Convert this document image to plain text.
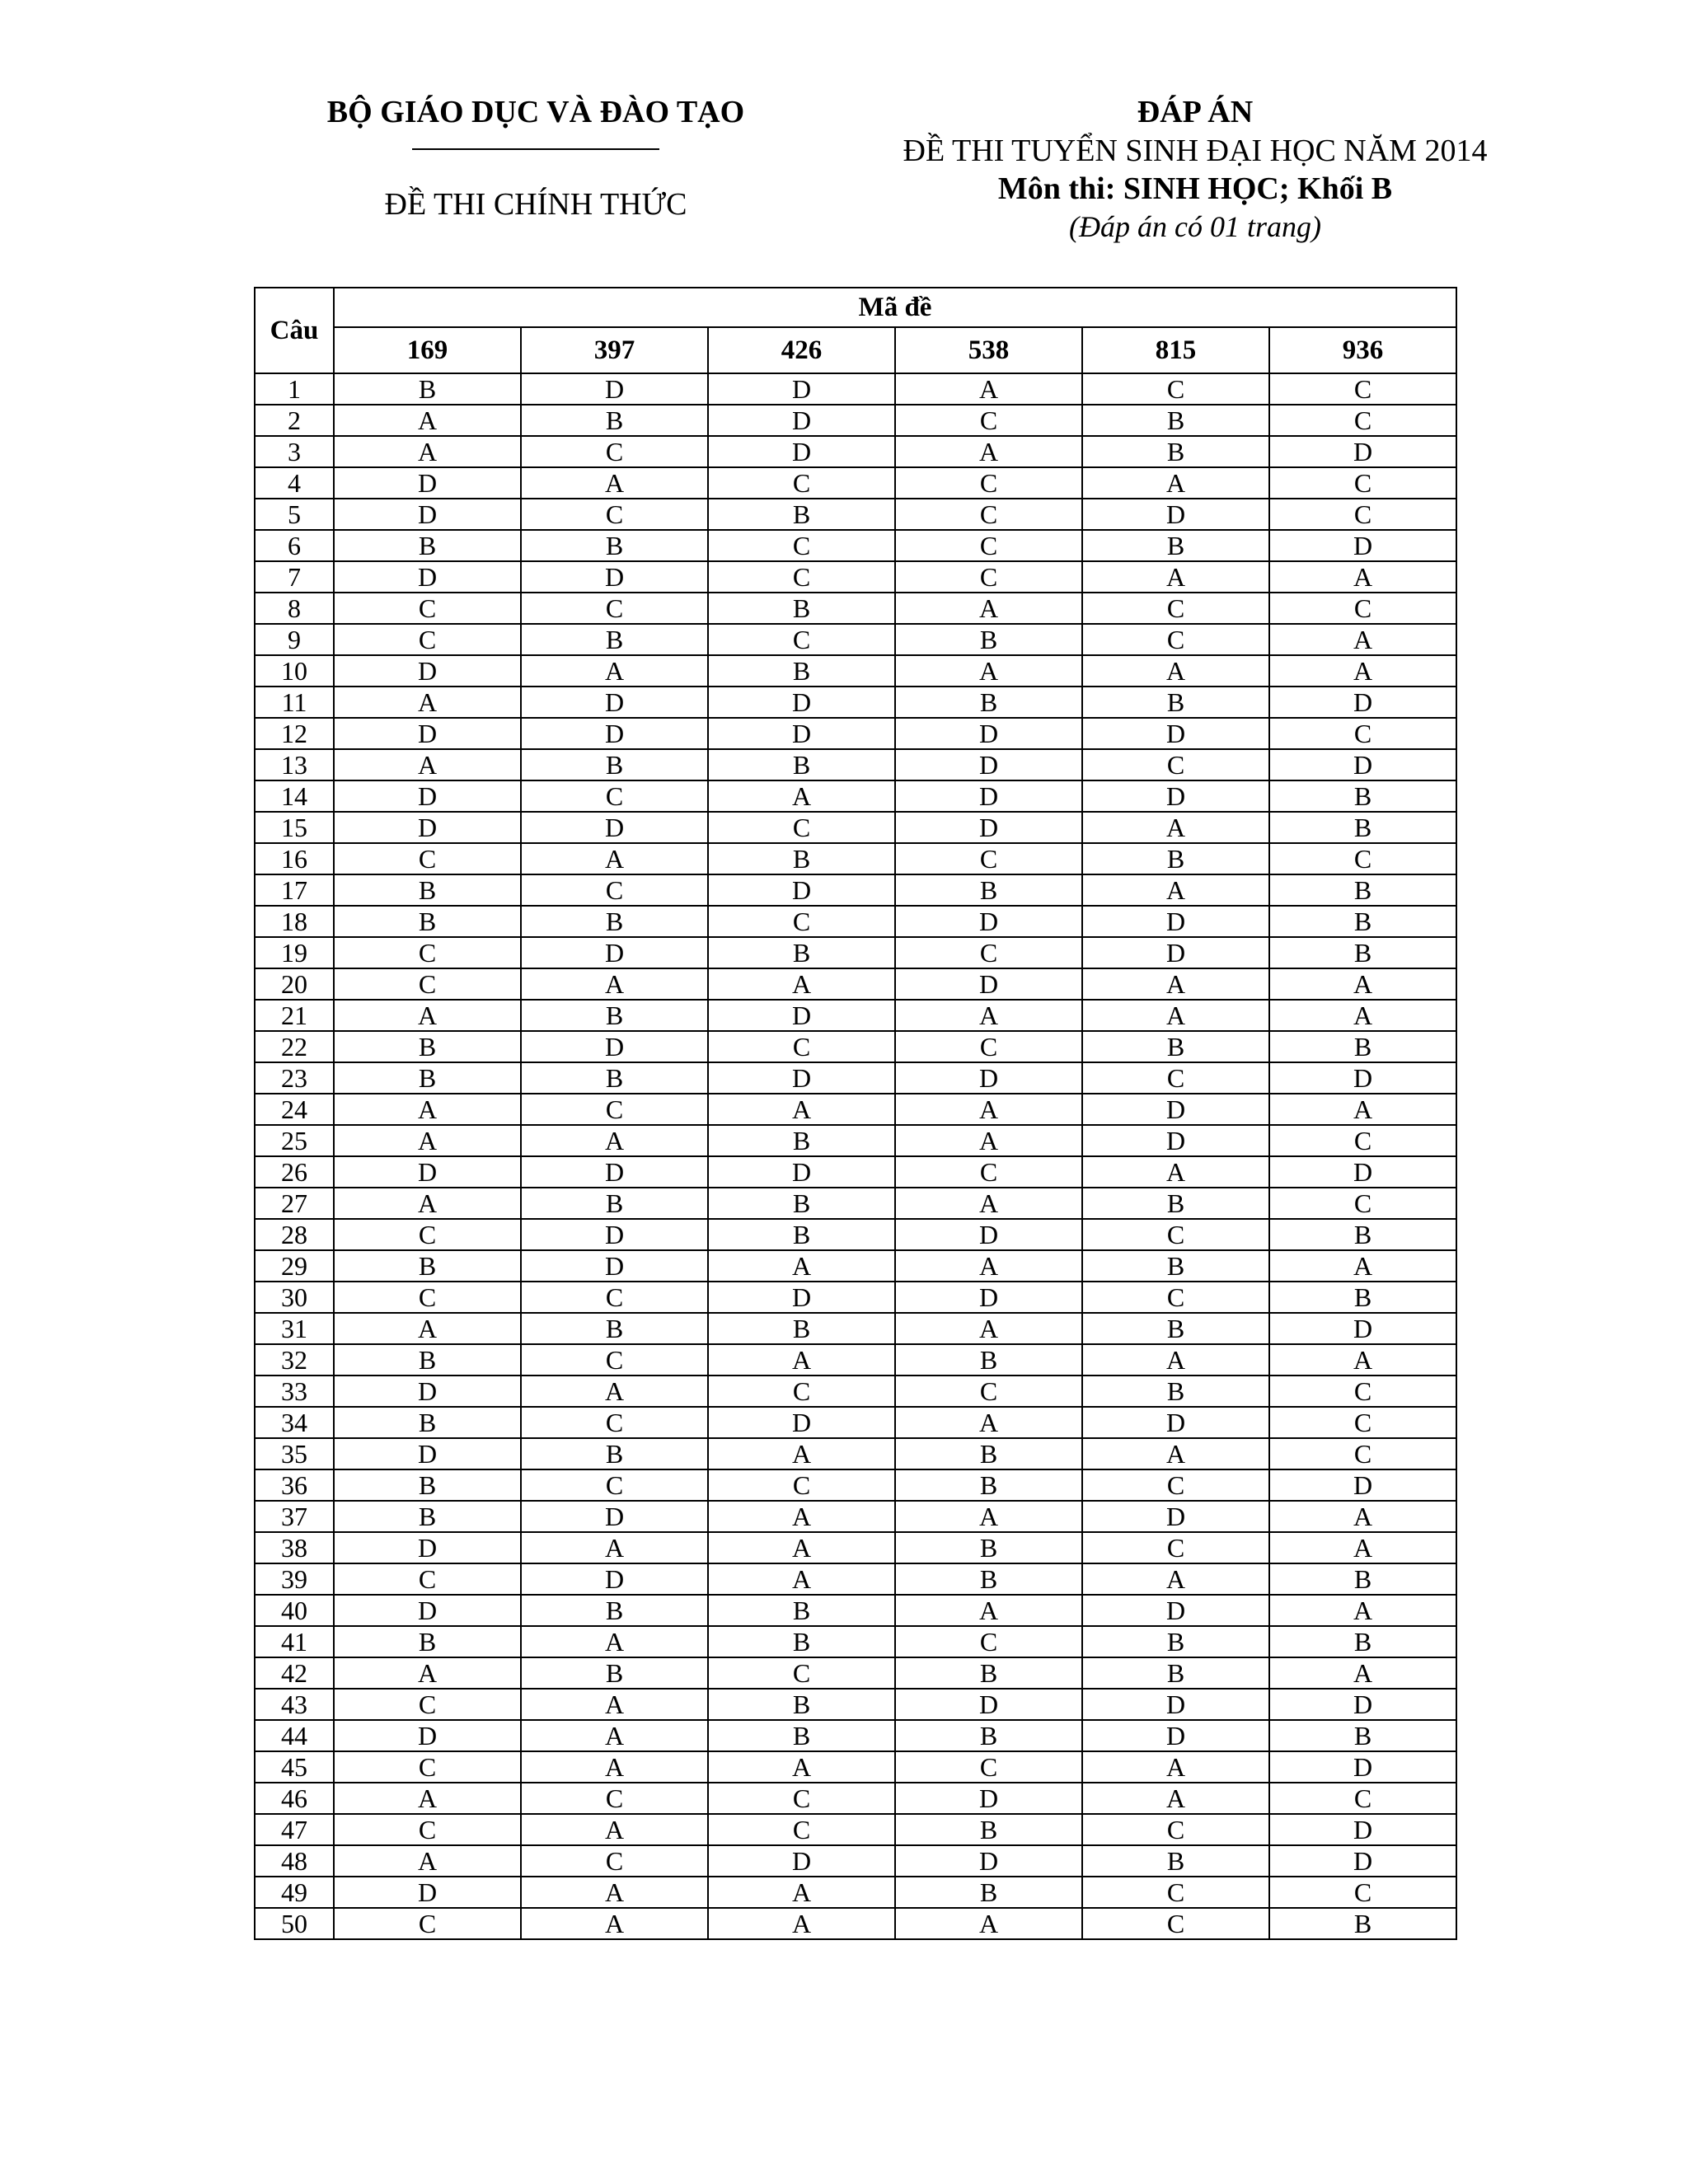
BỘ GIÁO DỤC VÀ ĐÀO TẠO
ĐỀ THI CHÍNH THỨC
ĐÁP ÁN
ĐỀ THI TUYỂN SINH ĐẠI HỌC NĂM 2014
Môn thi: SINH HỌC; Khối B
(Đáp án có 01 trang)
Câu	Mã đề					
	169	397	426	538	815	936
1	B	D	D	A	C	C
2	A	B	D	C	B	C
3	A	C	D	A	B	D
4	D	A	C	C	A	C
5	D	C	B	C	D	C
6	B	B	C	C	B	D
7	D	D	C	C	A	A
8	C	C	B	A	C	C
9	C	B	C	B	C	A
10	D	A	B	A	A	A
11	A	D	D	B	B	D
12	D	D	D	D	D	C
13	A	B	B	D	C	D
14	D	C	A	D	D	B
15	D	D	C	D	A	B
16	C	A	B	C	B	C
17	B	C	D	B	A	B
18	B	B	C	D	D	B
19	C	D	B	C	D	B
20	C	A	A	D	A	A
21	A	B	D	A	A	A
22	B	D	C	C	B	B
23	B	B	D	D	C	D
24	A	C	A	A	D	A
25	A	A	B	A	D	C
26	D	D	D	C	A	D
27	A	B	B	A	B	C
28	C	D	B	D	C	B
29	B	D	A	A	B	A
30	C	C	D	D	C	B
31	A	B	B	A	B	D
32	B	C	A	B	A	A
33	D	A	C	C	B	C
34	B	C	D	A	D	C
35	D	B	A	B	A	C
36	B	C	C	B	C	D
37	B	D	A	A	D	A
38	D	A	A	B	C	A
39	C	D	A	B	A	B
40	D	B	B	A	D	A
41	B	A	B	C	B	B
42	A	B	C	B	B	A
43	C	A	B	D	D	D
44	D	A	B	B	D	B
45	C	A	A	C	A	D
46	A	C	C	D	A	C
47	C	A	C	B	C	D
48	A	C	D	D	B	D
49	D	A	A	B	C	C
50	C	A	A	A	C	B
